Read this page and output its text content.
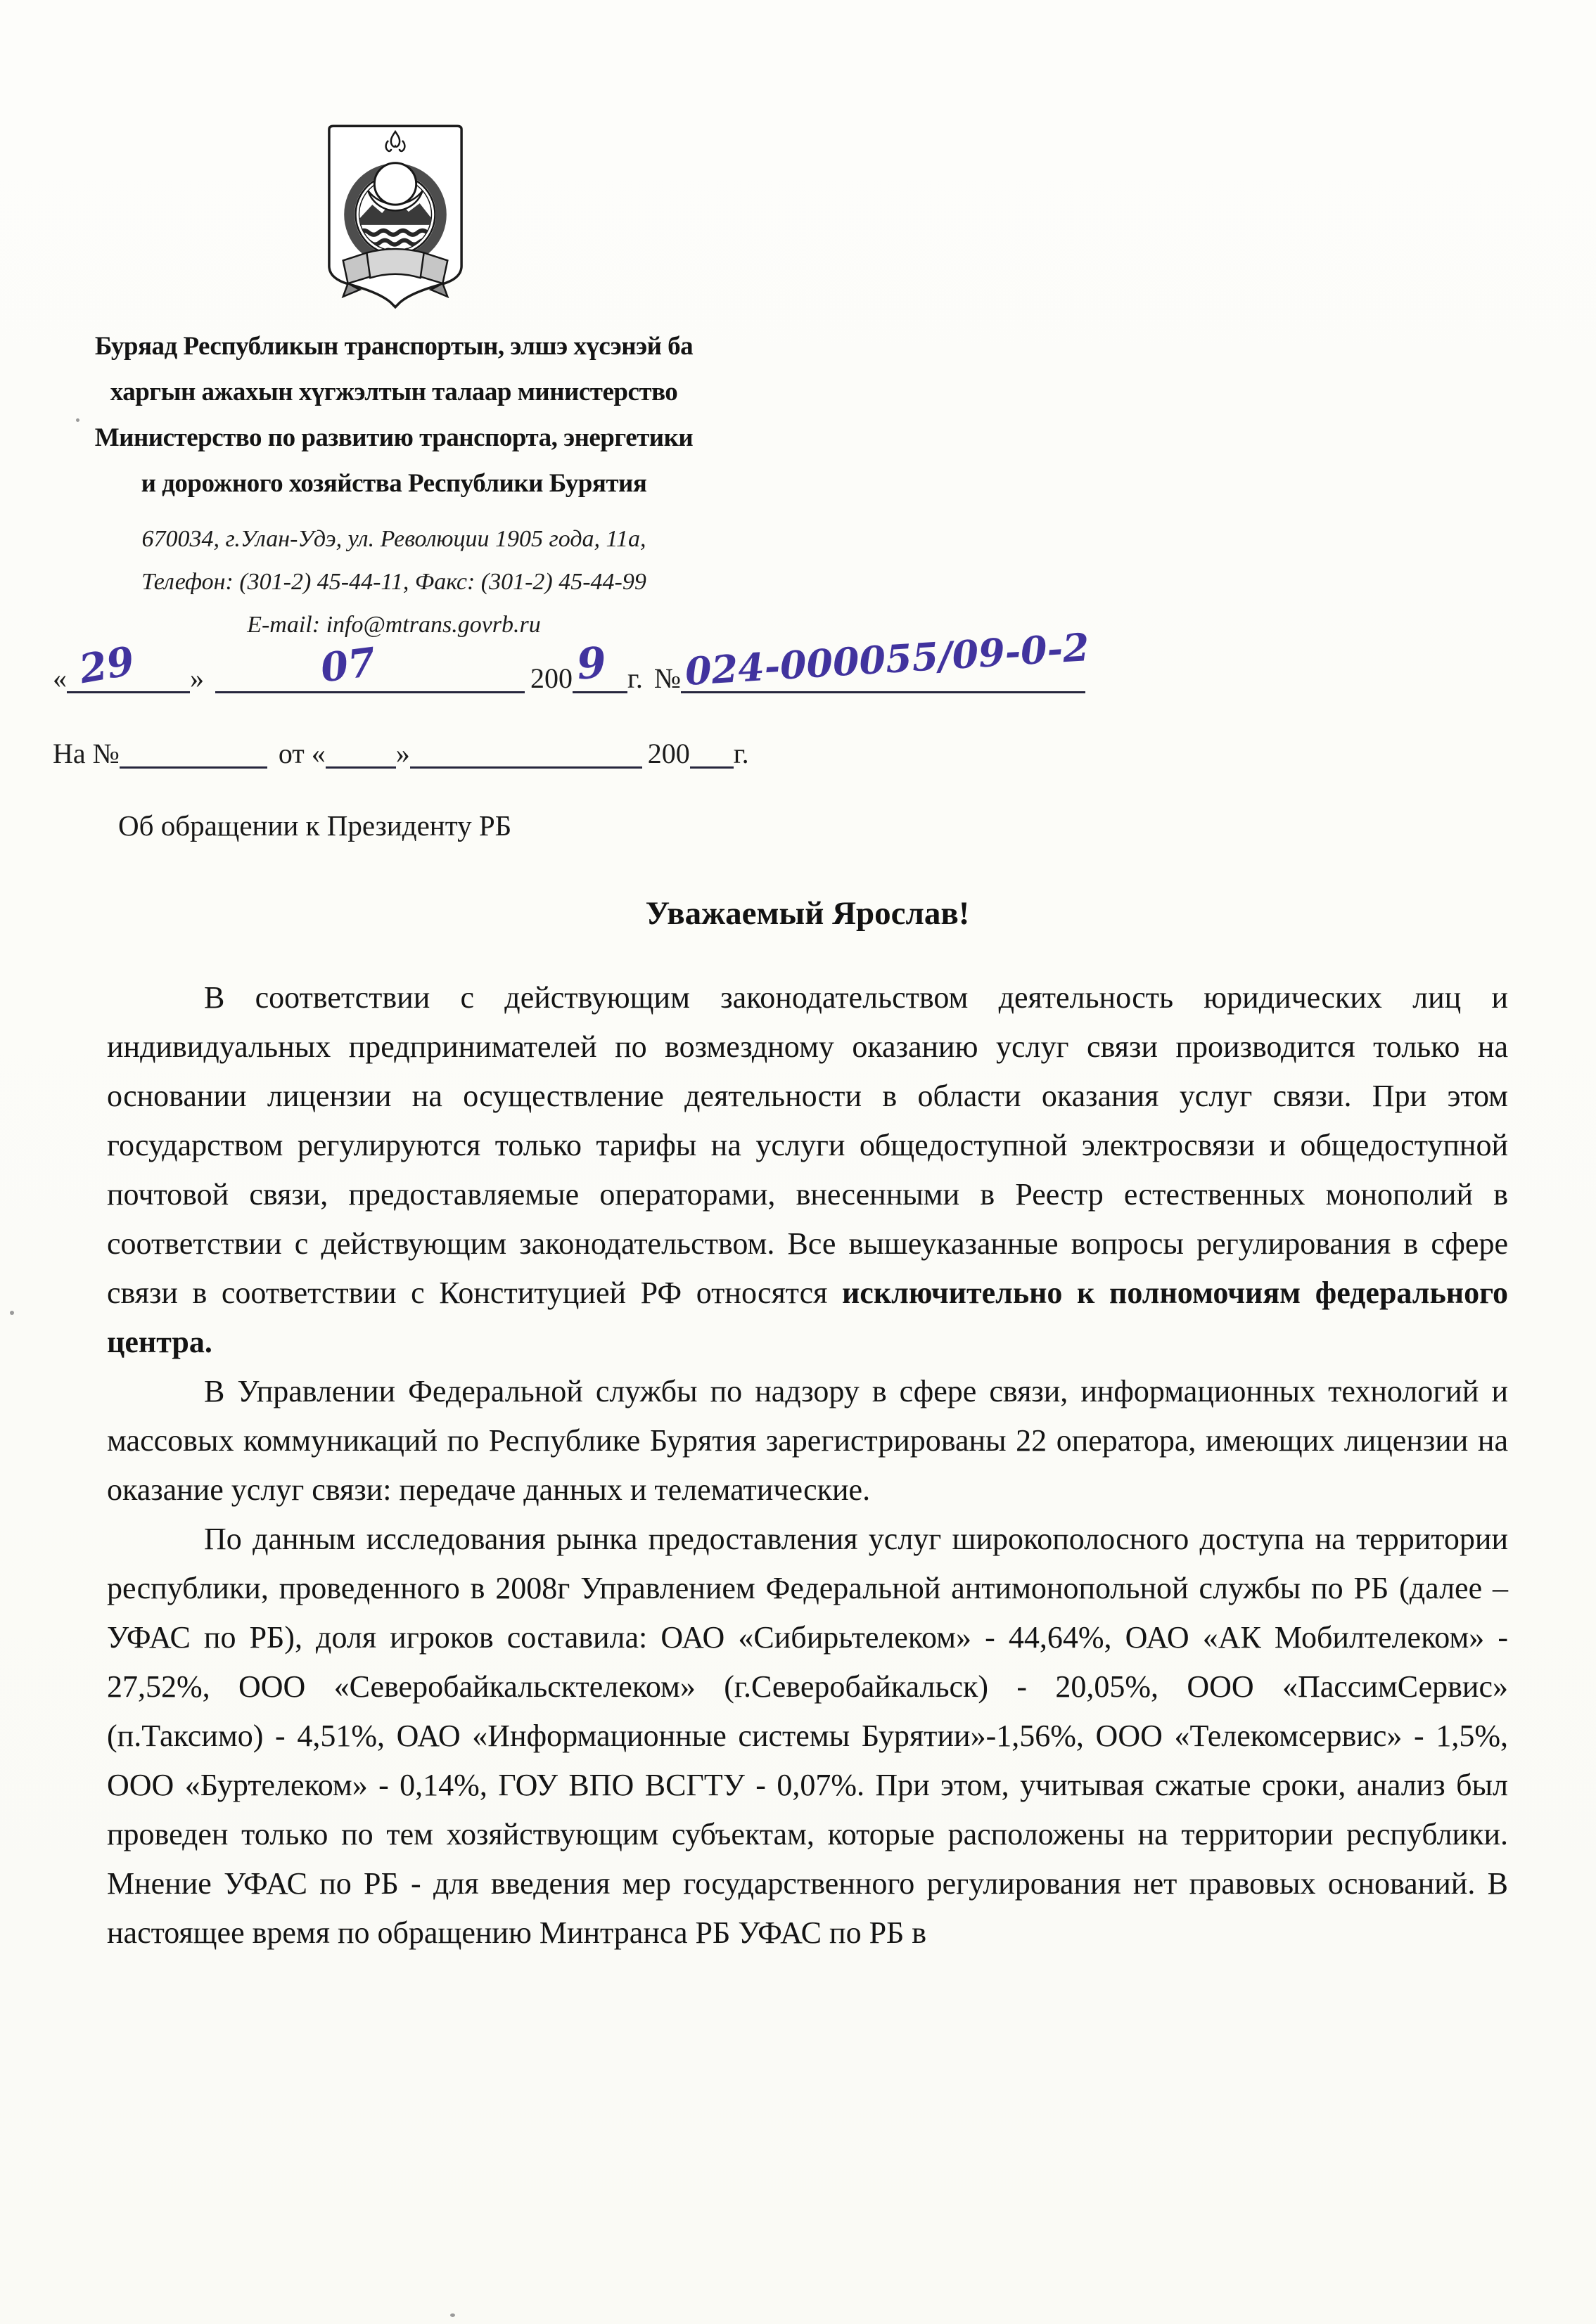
Буряад Республикын транспортын, элшэ хүсэнэй ба
харгын ажахын хүгжэлтын талаар министерство
Министерство по развитию транспорта, энергетики
и дорожного хозяйства Республики Бурятия
670034, г.Улан-Удэ, ул. Революции 1905 года, 11а,
Телефон: (301-2) 45-44-11, Факс: (301-2) 45-44-99
E-mail: info@mtrans.govrb.ru
« 29 »	07	200 9 г. № 024-000055/09-0-2
На №	от «	»	200 г.
Об обращении к Президенту РБ
Уважаемый Ярослав!

В соответствии с действующим законодательством деятельность юридических лиц и индивидуальных предпринимателей по возмездному оказанию услуг связи производится только на основании лицензии на осуществление деятельности в области оказания услуг связи. При этом государством регулируются только тарифы на услуги общедоступной электросвязи и общедоступной почтовой связи, предоставляемые операторами, внесенными в Реестр естественных монополий в соответствии с действующим законодательством. Все вышеуказанные вопросы регулирования в сфере связи в соответствии с Конституцией РФ относятся исключительно к полномочиям федерального центра.

В Управлении Федеральной службы по надзору в сфере связи, информационных технологий и массовых коммуникаций по Республике Бурятия зарегистрированы 22 оператора, имеющих лицензии на оказание услуг связи: передаче данных и телематические.

По данным исследования рынка предоставления услуг широкополосного доступа на территории республики, проведенного в 2008г Управлением Федеральной антимонопольной службы по РБ (далее – УФАС по РБ), доля игроков составила: ОАО «Сибирьтелеком» - 44,64%, ОАО «АК Мобилтелеком» - 27,52%, ООО «Северобайкальсктелеком» (г.Северобайкальск) - 20,05%, ООО «ПассимСервис» (п.Таксимо) - 4,51%, ОАО «Информационные системы Бурятии»-1,56%, ООО «Телекомсервис» - 1,5%, ООО «Буртелеком» - 0,14%, ГОУ ВПО ВСГТУ - 0,07%. При этом, учитывая сжатые сроки, анализ был проведен только по тем хозяйствующим субъектам, которые расположены на территории республики. Мнение УФАС по РБ - для введения мер государственного регулирования нет правовых оснований. В настоящее время по обращению Минтранса РБ УФАС по РБ в
